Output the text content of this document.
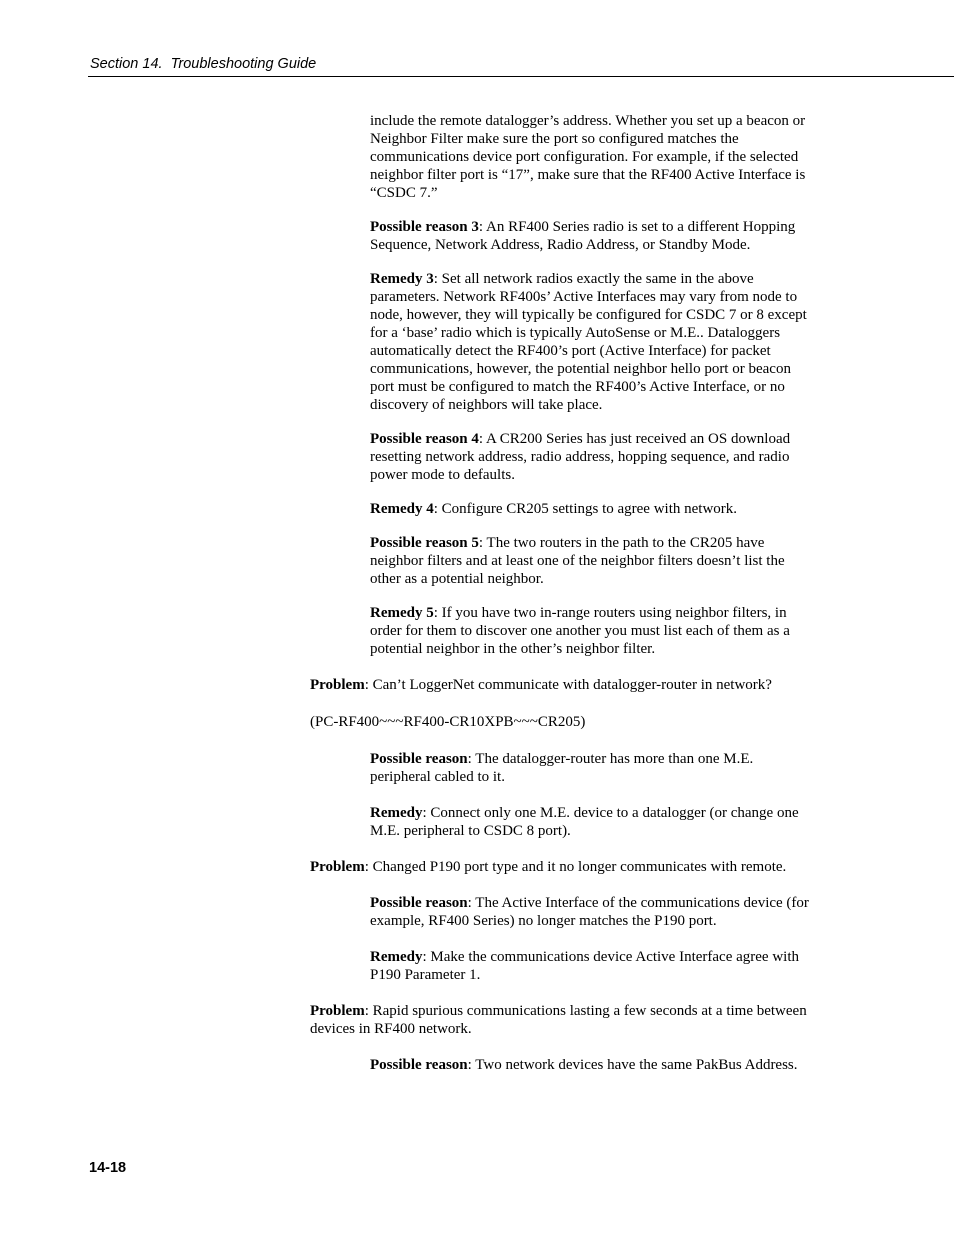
Section 14.  Troubleshooting Guide

include the remote datalogger’s address. Whether you set up a beacon or Neighbor Filter make sure the port so configured matches the communications device port configuration. For example, if the selected neighbor filter port is “17”, make sure that the RF400 Active Interface is “CSDC 7.”

Possible reason 3: An RF400 Series radio is set to a different Hopping Sequence, Network Address, Radio Address, or Standby Mode.

Remedy 3: Set all network radios exactly the same in the above parameters. Network RF400s’ Active Interfaces may vary from node to node, however, they will typically be configured for CSDC 7 or 8 except for a ‘base’ radio which is typically AutoSense or M.E.. Dataloggers automatically detect the RF400’s port (Active Interface) for packet communications, however, the potential neighbor hello port or beacon port must be configured to match the RF400’s Active Interface, or no discovery of neighbors will take place.

Possible reason 4: A CR200 Series has just received an OS download resetting network address, radio address, hopping sequence, and radio power mode to defaults.

Remedy 4: Configure CR205 settings to agree with network.

Possible reason 5: The two routers in the path to the CR205 have neighbor filters and at least one of the neighbor filters doesn’t list the other as a potential neighbor.

Remedy 5: If you have two in-range routers using neighbor filters, in order for them to discover one another you must list each of them as a potential neighbor in the other’s neighbor filter.

Problem: Can’t LoggerNet communicate with datalogger-router in network?

(PC-RF400~~~RF400-CR10XPB~~~CR205)

Possible reason: The datalogger-router has more than one M.E. peripheral cabled to it.

Remedy: Connect only one M.E. device to a datalogger (or change one M.E. peripheral to CSDC 8 port).

Problem: Changed P190 port type and it no longer communicates with remote.

Possible reason: The Active Interface of the communications device (for example, RF400 Series) no longer matches the P190 port.

Remedy: Make the communications device Active Interface agree with P190 Parameter 1.

Problem: Rapid spurious communications lasting a few seconds at a time between devices in RF400 network.

Possible reason: Two network devices have the same PakBus Address.

14-18
